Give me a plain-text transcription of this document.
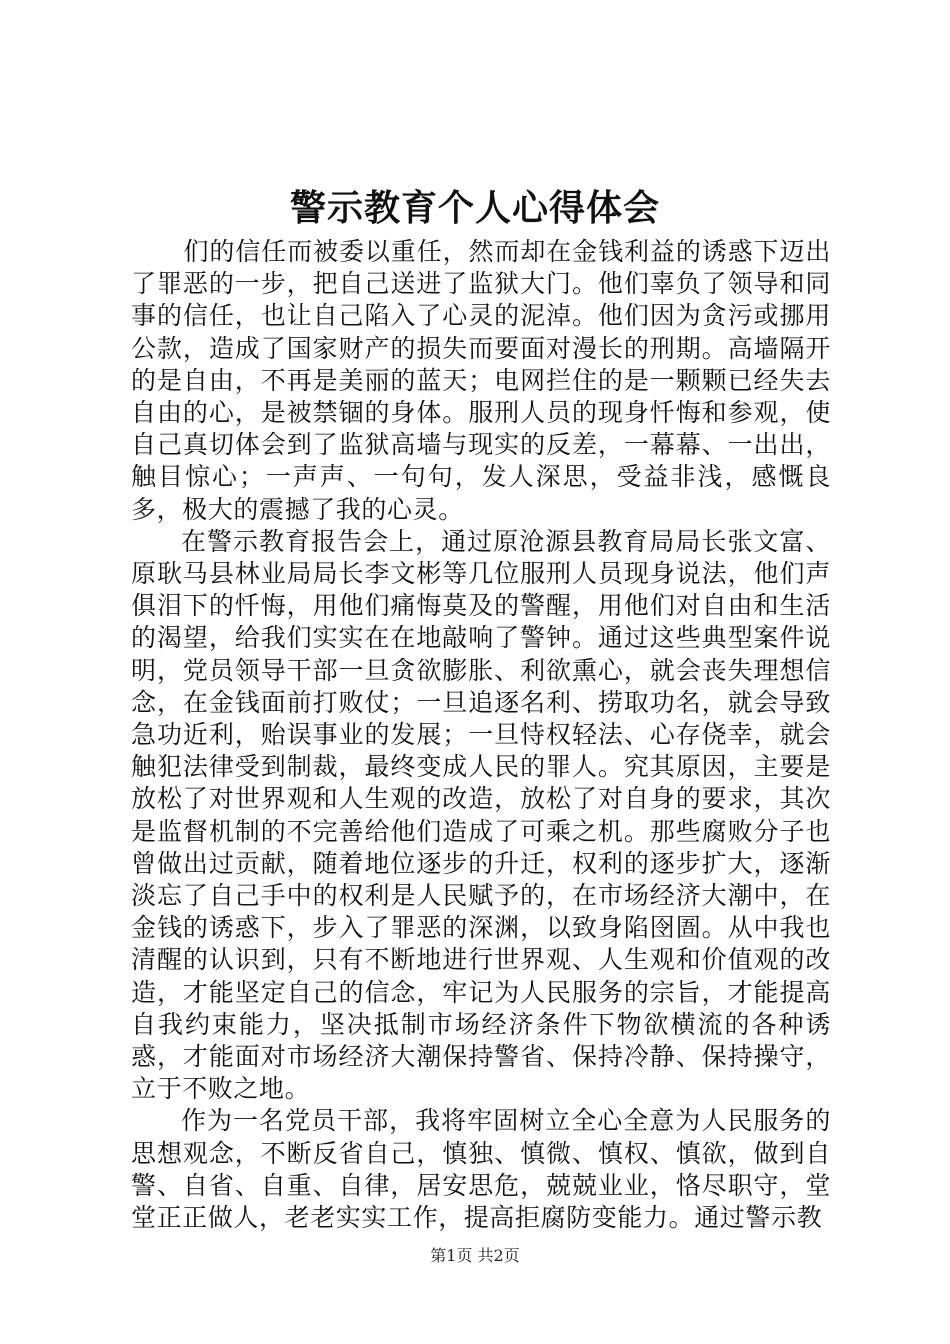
警示教育个人心得体会

们的信任而被委以重任，然而却在金钱利益的诱惑下迈出了罪恶的一步，把自己送进了监狱大门。他们辜负了领导和同事的信任，也让自己陷入了心灵的泥淖。他们因为贪污或挪用公款，造成了国家财产的损失而要面对漫长的刑期。高墙隔开的是自由，不再是美丽的蓝天；电网拦住的是一颗颗已经失去自由的心，是被禁锢的身体。服刑人员的现身忏悔和参观，使自己真切体会到了监狱高墙与现实的反差，一幕幕、一出出，触目惊心；一声声、一句句，发人深思，受益非浅，感慨良多，极大的震撼了我的心灵。

在警示教育报告会上，通过原沧源县教育局局长张文富、原耿马县林业局局长李文彬等几位服刑人员现身说法，他们声俱泪下的忏悔，用他们痛悔莫及的警醒，用他们对自由和生活的渴望，给我们实实在在地敲响了警钟。通过这些典型案件说明，党员领导干部一旦贪欲膨胀、利欲熏心，就会丧失理想信念，在金钱面前打败仗；一旦追逐名利、捞取功名，就会导致急功近利，贻误事业的发展；一旦恃权轻法、心存侥幸，就会触犯法律受到制裁，最终变成人民的罪人。究其原因，主要是放松了对世界观和人生观的改造，放松了对自身的要求，其次是监督机制的不完善给他们造成了可乘之机。那些腐败分子也曾做出过贡献，随着地位逐步的升迁，权利的逐步扩大，逐渐淡忘了自己手中的权利是人民赋予的，在市场经济大潮中，在金钱的诱惑下，步入了罪恶的深渊，以致身陷囹圄。从中我也清醒的认识到，只有不断地进行世界观、人生观和价值观的改造，才能坚定自己的信念，牢记为人民服务的宗旨，才能提高自我约束能力，坚决抵制市场经济条件下物欲横流的各种诱惑，才能面对市场经济大潮保持警省、保持冷静、保持操守，立于不败之地。

作为一名党员干部，我将牢固树立全心全意为人民服务的思想观念，不断反省自己，慎独、慎微、慎权、慎欲，做到自警、自省、自重、自律，居安思危，兢兢业业，恪尽职守，堂堂正正做人，老老实实工作，提高拒腐防变能力。通过警示教

第1页 共2页
